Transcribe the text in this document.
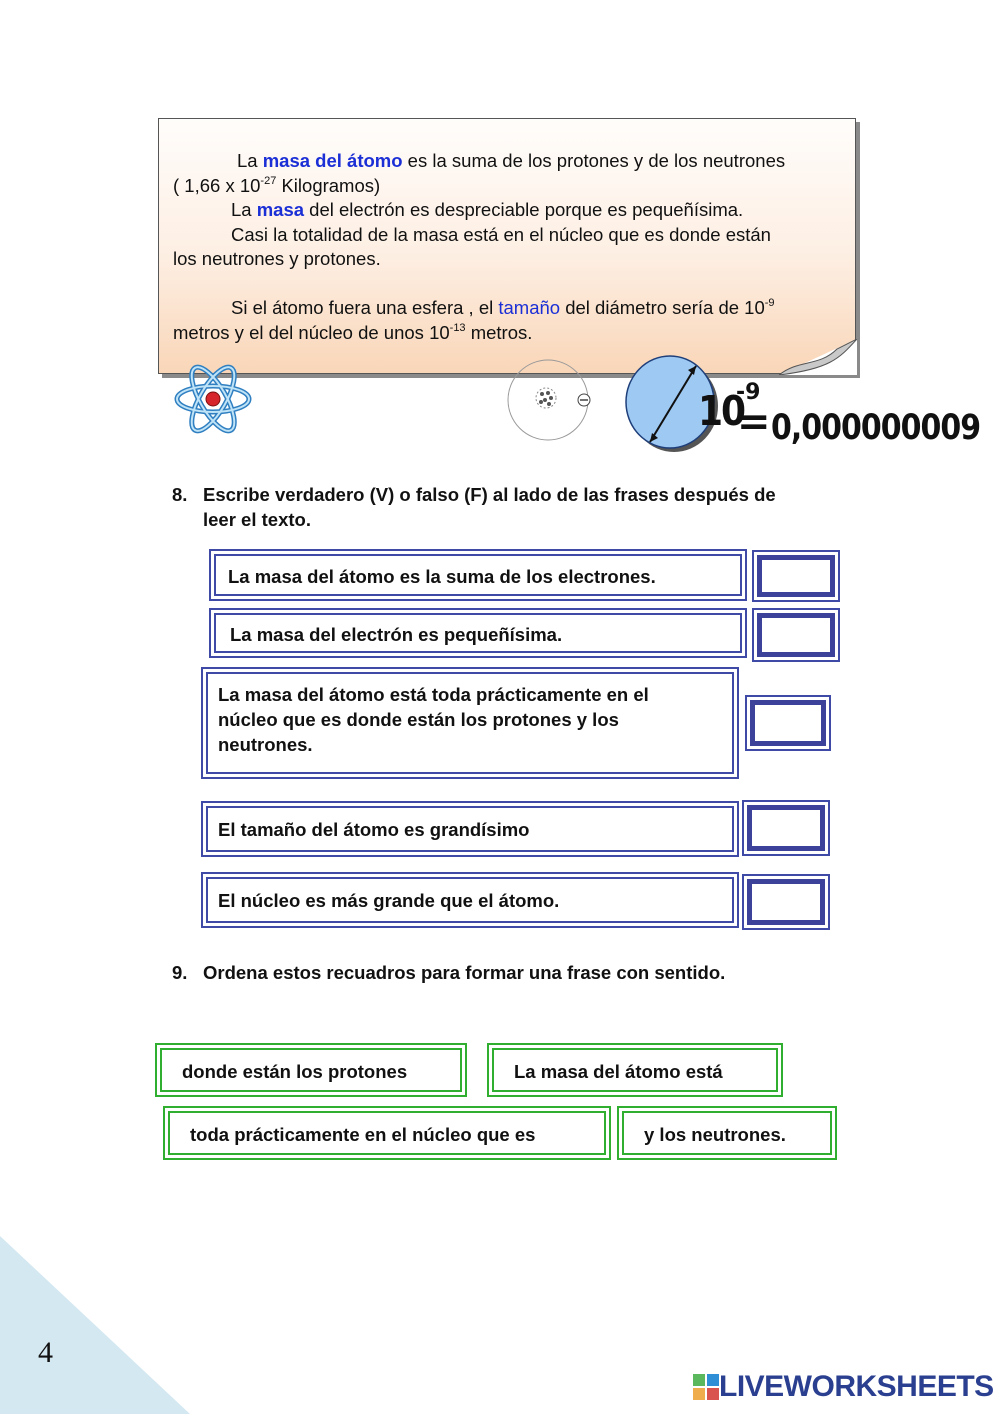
La masa del átomo es la suma de los protones y de los neutrones

( 1,66 x $10^{-27}$ Kilogramos)

La masa del electrón es despreciable porque es pequeñísima.

Casi la totalidad de la masa está en el núcleo que es donde están

los neutrones y protones.

Si el átomo fuera una esfera , el tamaño del diámetro sería de $10^{-9}$

metros y el del núcleo de unos $10^{-13}$ metros.

10
-9
= 0,000000009
8. Escribe verdadero (V) o falso (F) al lado de las frases después de
leer el texto.
La masa del átomo es la suma de los electrones.
La masa del electrón es pequeñísima.
La masa del átomo está toda prácticamente en el
núcleo que es donde están los protones y los
neutrones.
El tamaño del átomo es grandísimo
El núcleo es más grande que el átomo.
9. Ordena estos recuadros para formar una frase con sentido.
donde están los protones	La masa del átomo está
toda prácticamente en el núcleo que es	y los neutrones.
4
LIVEWORKSHEETS
